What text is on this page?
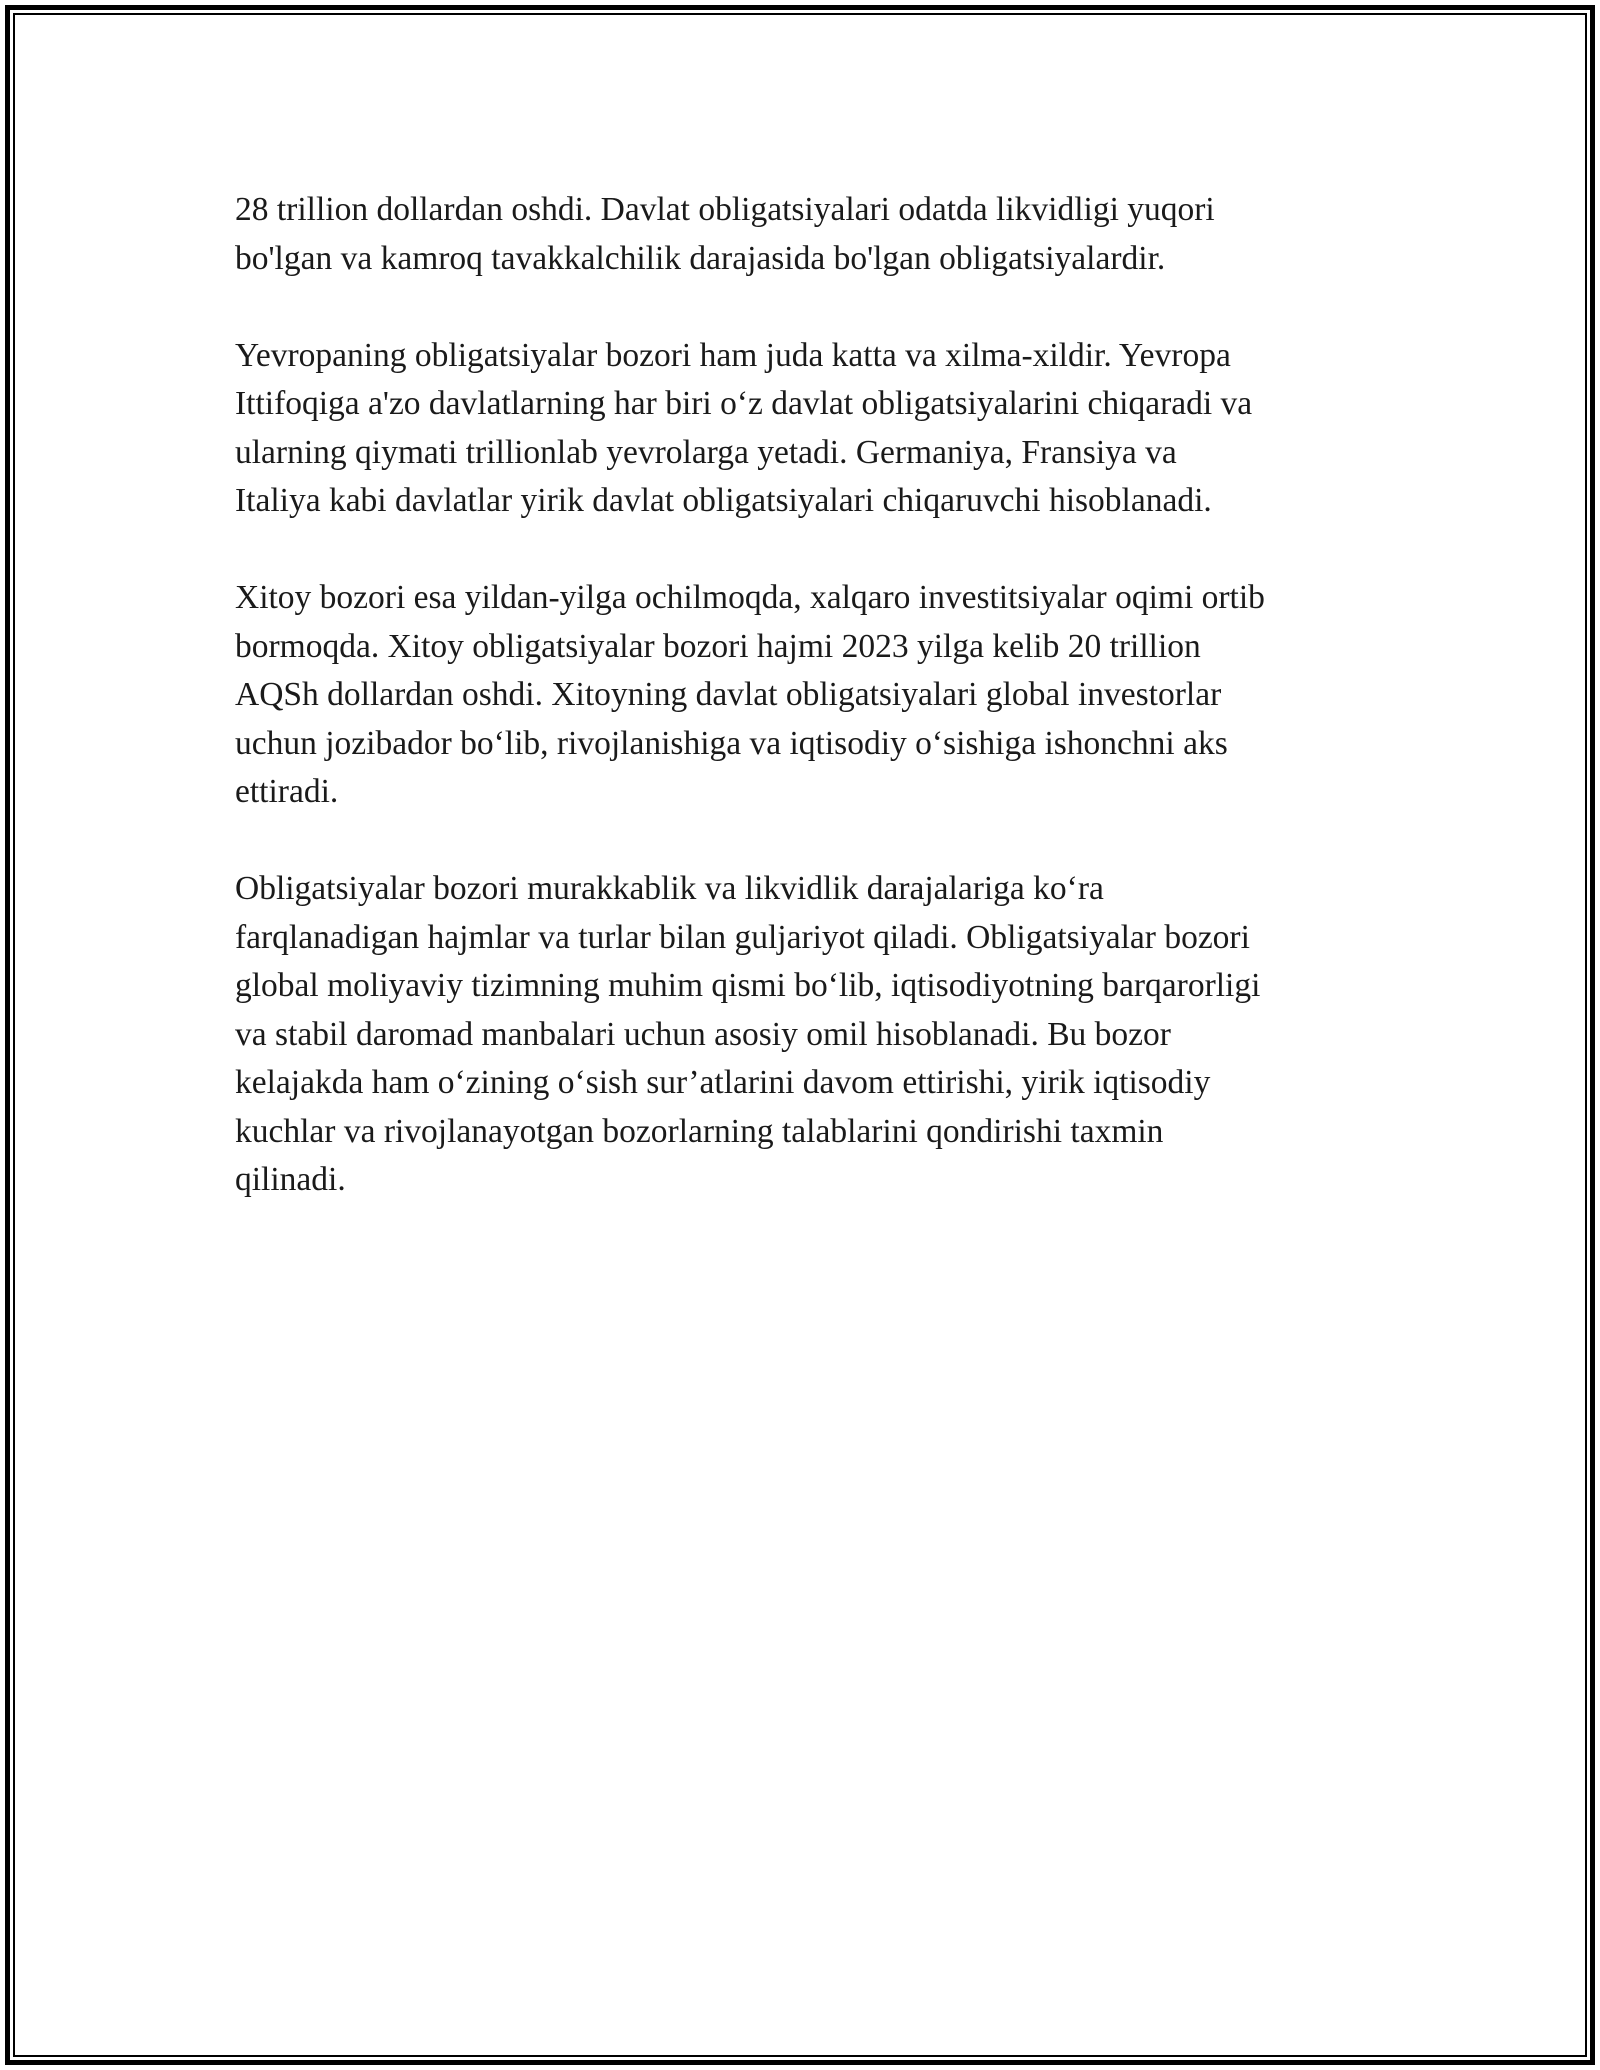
28 trillion dollardan oshdi. Davlat obligatsiyalari odatda likvidligi yuqori
bo'lgan va kamroq tavakkalchilik darajasida bo'lgan obligatsiyalardir.

Yevropaning obligatsiyalar bozori ham juda katta va xilma-xildir. Yevropa
Ittifoqiga a'zo davlatlarning har biri o‘z davlat obligatsiyalarini chiqaradi va
ularning qiymati trillionlab yevrolarga yetadi. Germaniya, Fransiya va
Italiya kabi davlatlar yirik davlat obligatsiyalari chiqaruvchi hisoblanadi.

Xitoy bozori esa yildan-yilga ochilmoqda, xalqaro investitsiyalar oqimi ortib
bormoqda. Xitoy obligatsiyalar bozori hajmi 2023 yilga kelib 20 trillion
AQSh dollardan oshdi. Xitoyning davlat obligatsiyalari global investorlar
uchun jozibador bo‘lib, rivojlanishiga va iqtisodiy o‘sishiga ishonchni aks
ettiradi.

Obligatsiyalar bozori murakkablik va likvidlik darajalariga ko‘ra
farqlanadigan hajmlar va turlar bilan guljariyot qiladi. Obligatsiyalar bozori
global moliyaviy tizimning muhim qismi bo‘lib, iqtisodiyotning barqarorligi
va stabil daromad manbalari uchun asosiy omil hisoblanadi. Bu bozor
kelajakda ham o‘zining o‘sish sur’atlarini davom ettirishi, yirik iqtisodiy
kuchlar va rivojlanayotgan bozorlarning talablarini qondirishi taxmin
qilinadi.
